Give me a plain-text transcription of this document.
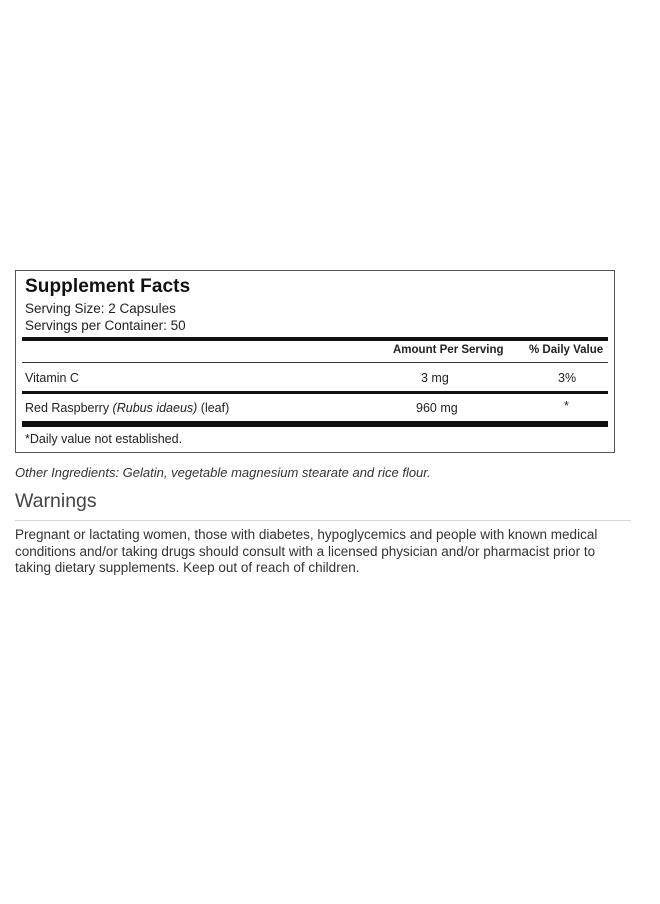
Supplement Facts
Serving Size: 2 Capsules
Servings per Container: 50
Amount Per Serving % Daily Value
Vitamin C	3 mg	3%
Red Raspberry (Rubus idaeus) (leaf)	960 mg	*
*Daily value not established.
Other Ingredients: Gelatin, vegetable magnesium stearate and rice flour.
Warnings

Pregnant or lactating women, those with diabetes, hypoglycemics and people with known medical conditions and/or taking drugs should consult with a licensed physician and/or pharmacist prior to taking dietary supplements. Keep out of reach of children.
